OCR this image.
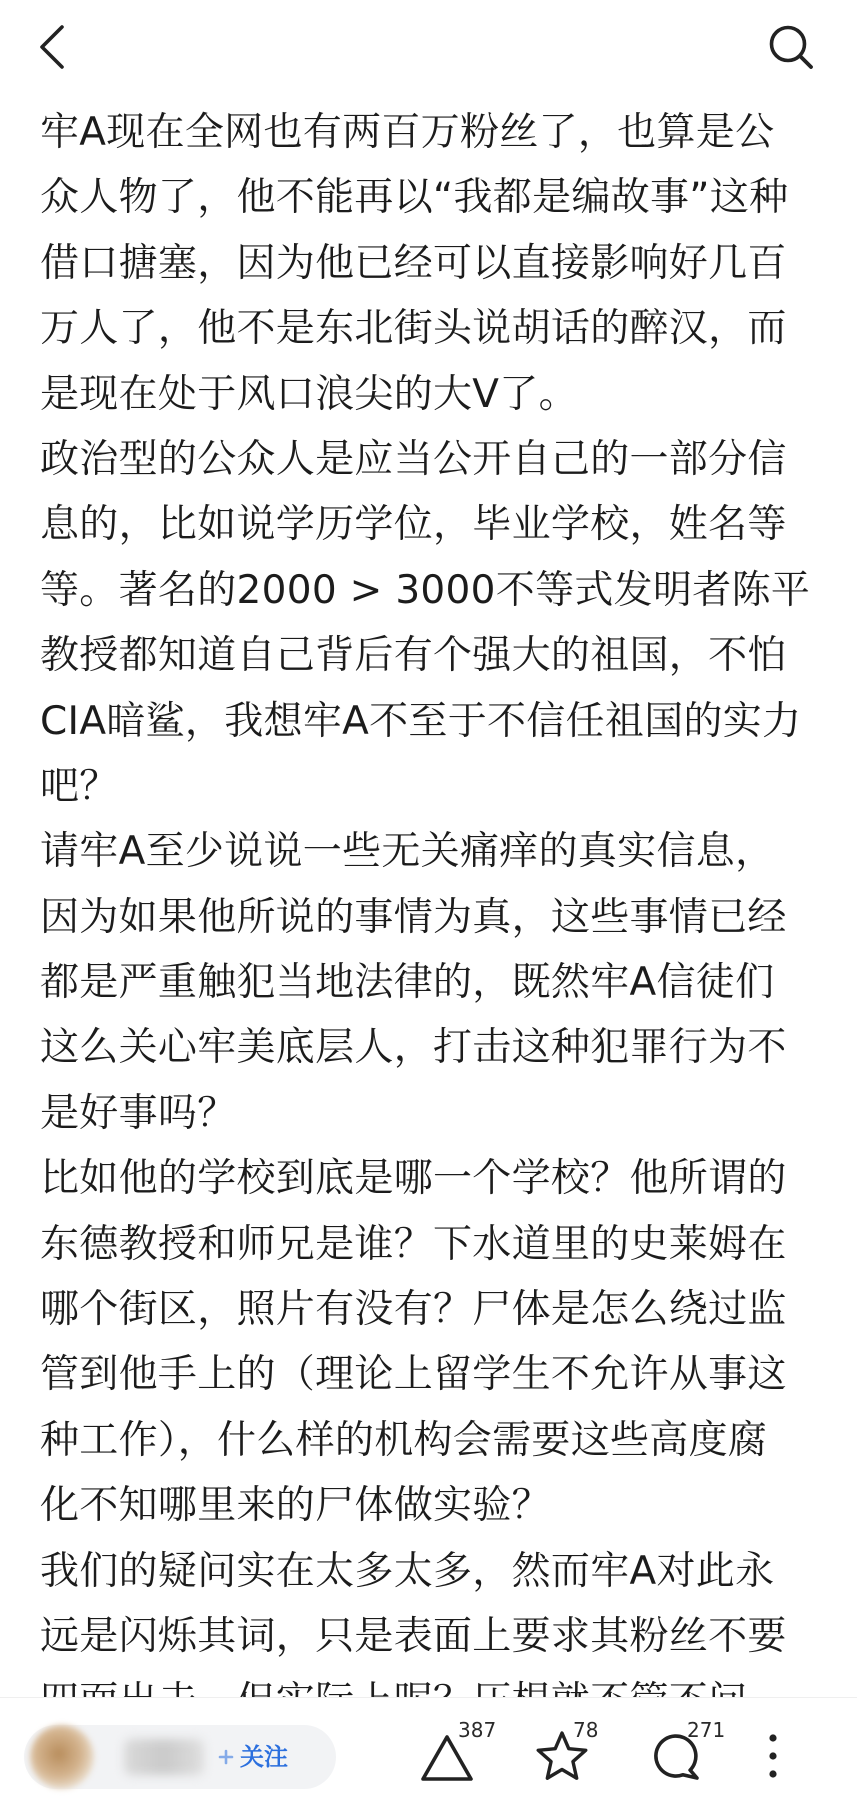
牢A现在全网也有两百万粉丝了，也算是公
众人物了，他不能再以“我都是编故事”这种
借口搪塞，因为他已经可以直接影响好几百
万人了，他不是东北街头说胡话的醉汉，而
是现在处于风口浪尖的大V了。
政治型的公众人是应当公开自己的一部分信
息的，比如说学历学位，毕业学校，姓名等
等。著名的2000 > 3000不等式发明者陈平
教授都知道自己背后有个强大的祖国，不怕
CIA暗鲨，我想牢A不至于不信任祖国的实力
吧？
请牢A至少说说一些无关痛痒的真实信息，
因为如果他所说的事情为真，这些事情已经
都是严重触犯当地法律的，既然牢A信徒们
这么关心牢美底层人，打击这种犯罪行为不
是好事吗？
比如他的学校到底是哪一个学校？他所谓的
东德教授和师兄是谁？下水道里的史莱姆在
哪个街区，照片有没有？尸体是怎么绕过监
管到他手上的（理论上留学生不允许从事这
种工作），什么样的机构会需要这些高度腐
化不知哪里来的尸体做实验？
我们的疑问实在太多太多，然而牢A对此永
远是闪烁其词，只是表面上要求其粉丝不要
关注
387	78	271
